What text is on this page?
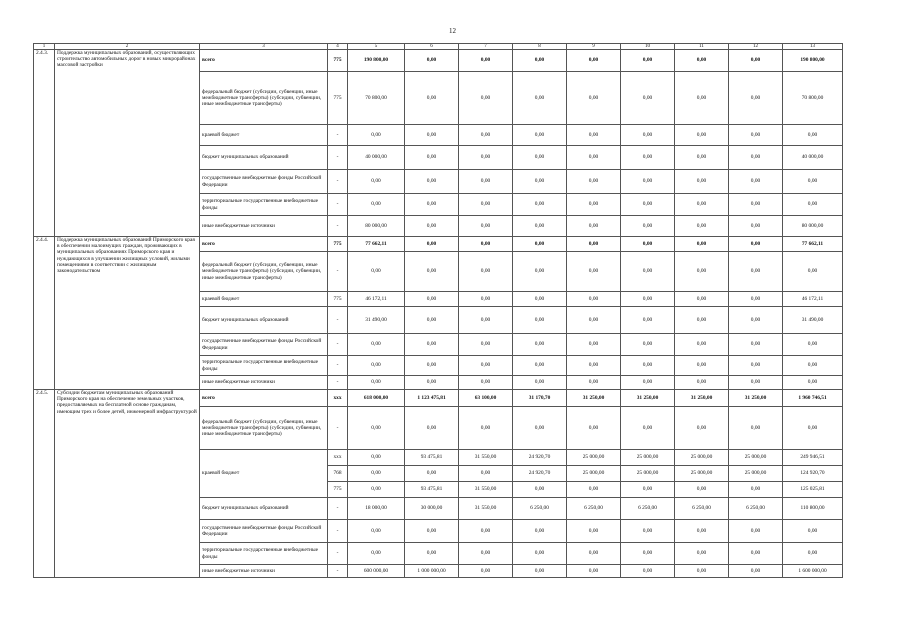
12
1	2	3	4	5	6	7	8	9	10	11	12	13
2.4.3.	Поддержка муниципальных образований, осуществляющих строительство автомобильных дорог в новых микрорайонах массовой застройки	всего	775	190 800,00	0,00	0,00	0,00	0,00	0,00	0,00	0,00	190 800,00
		федеральный бюджет (субсидии, субвенции, иные межбюджетные трансферты) (субсидии, субвенции, иные межбюджетные трансферты)	775	70 800,00	0,00	0,00	0,00	0,00	0,00	0,00	0,00	70 800,00
		краевой бюджет	-	0,00	0,00	0,00	0,00	0,00	0,00	0,00	0,00	0,00
		бюджет муниципальных образований	-	40 000,00	0,00	0,00	0,00	0,00	0,00	0,00	0,00	40 000,00
		государственные внебюджетные фонды Российской Федерации	-	0,00	0,00	0,00	0,00	0,00	0,00	0,00	0,00	0,00
		территориальные государственные внебюджетные фонды	-	0,00	0,00	0,00	0,00	0,00	0,00	0,00	0,00	0,00
		иные внебюджетные источники	-	80 000,00	0,00	0,00	0,00	0,00	0,00	0,00	0,00	80 000,00
2.4.4.	Поддержка муниципальных образований Приморского края в обеспечении малоимущих граждан, проживающих в муниципальных образованиях Приморского края и нуждающихся в улучшении жилищных условий, жилыми помещениями в соответствии с жилищным законодательством	всего	775	77 662,11	0,00	0,00	0,00	0,00	0,00	0,00	0,00	77 662,11
		федеральный бюджет (субсидии, субвенции, иные межбюджетные трансферты) (субсидии, субвенции, иные межбюджетные трансферты)	-	0,00	0,00	0,00	0,00	0,00	0,00	0,00	0,00	0,00
		краевой бюджет	775	46 172,11	0,00	0,00	0,00	0,00	0,00	0,00	0,00	46 172,11
		бюджет муниципальных образований	-	31 490,00	0,00	0,00	0,00	0,00	0,00	0,00	0,00	31 490,00
		государственные внебюджетные фонды Российской Федерации	-	0,00	0,00	0,00	0,00	0,00	0,00	0,00	0,00	0,00
		территориальные государственные внебюджетные фонды	-	0,00	0,00	0,00	0,00	0,00	0,00	0,00	0,00	0,00
		иные внебюджетные источники	-	0,00	0,00	0,00	0,00	0,00	0,00	0,00	0,00	0,00
2.4.5.	Субсидии бюджетам муниципальных образований Приморского края на обеспечение земельных участков, предоставляемых на бесплатной основе гражданам, имеющим трех и более детей, инженерной инфраструктурой	всего	ххх	618 000,00	1 123 475,81	63 100,00	31 170,70	31 250,00	31 250,00	31 250,00	31 250,00	1 960 746,51
		федеральный бюджет (субсидии, субвенции, иные межбюджетные трансферты) (субсидии, субвенции, иные межбюджетные трансферты)	-	0,00	0,00	0,00	0,00	0,00	0,00	0,00	0,00	0,00
		краевой бюджет	ххх	0,00	93 475,81	31 550,00	24 920,70	25 000,00	25 000,00	25 000,00	25 000,00	249 946,51
			768	0,00	0,00	0,00	24 920,70	25 000,00	25 000,00	25 000,00	25 000,00	124 920,70
			775	0,00	93 475,81	31 550,00	0,00	0,00	0,00	0,00	0,00	125 025,81
		бюджет муниципальных образований	-	18 000,00	30 000,00	31 550,00	6 250,00	6 250,00	6 250,00	6 250,00	6 250,00	110 800,00
		государственные внебюджетные фонды Российской Федерации	-	0,00	0,00	0,00	0,00	0,00	0,00	0,00	0,00	0,00
		территориальные государственные внебюджетные фонды	-	0,00	0,00	0,00	0,00	0,00	0,00	0,00	0,00	0,00
		иные внебюджетные источники	-	600 000,00	1 000 000,00	0,00	0,00	0,00	0,00	0,00	0,00	1 600 000,00
